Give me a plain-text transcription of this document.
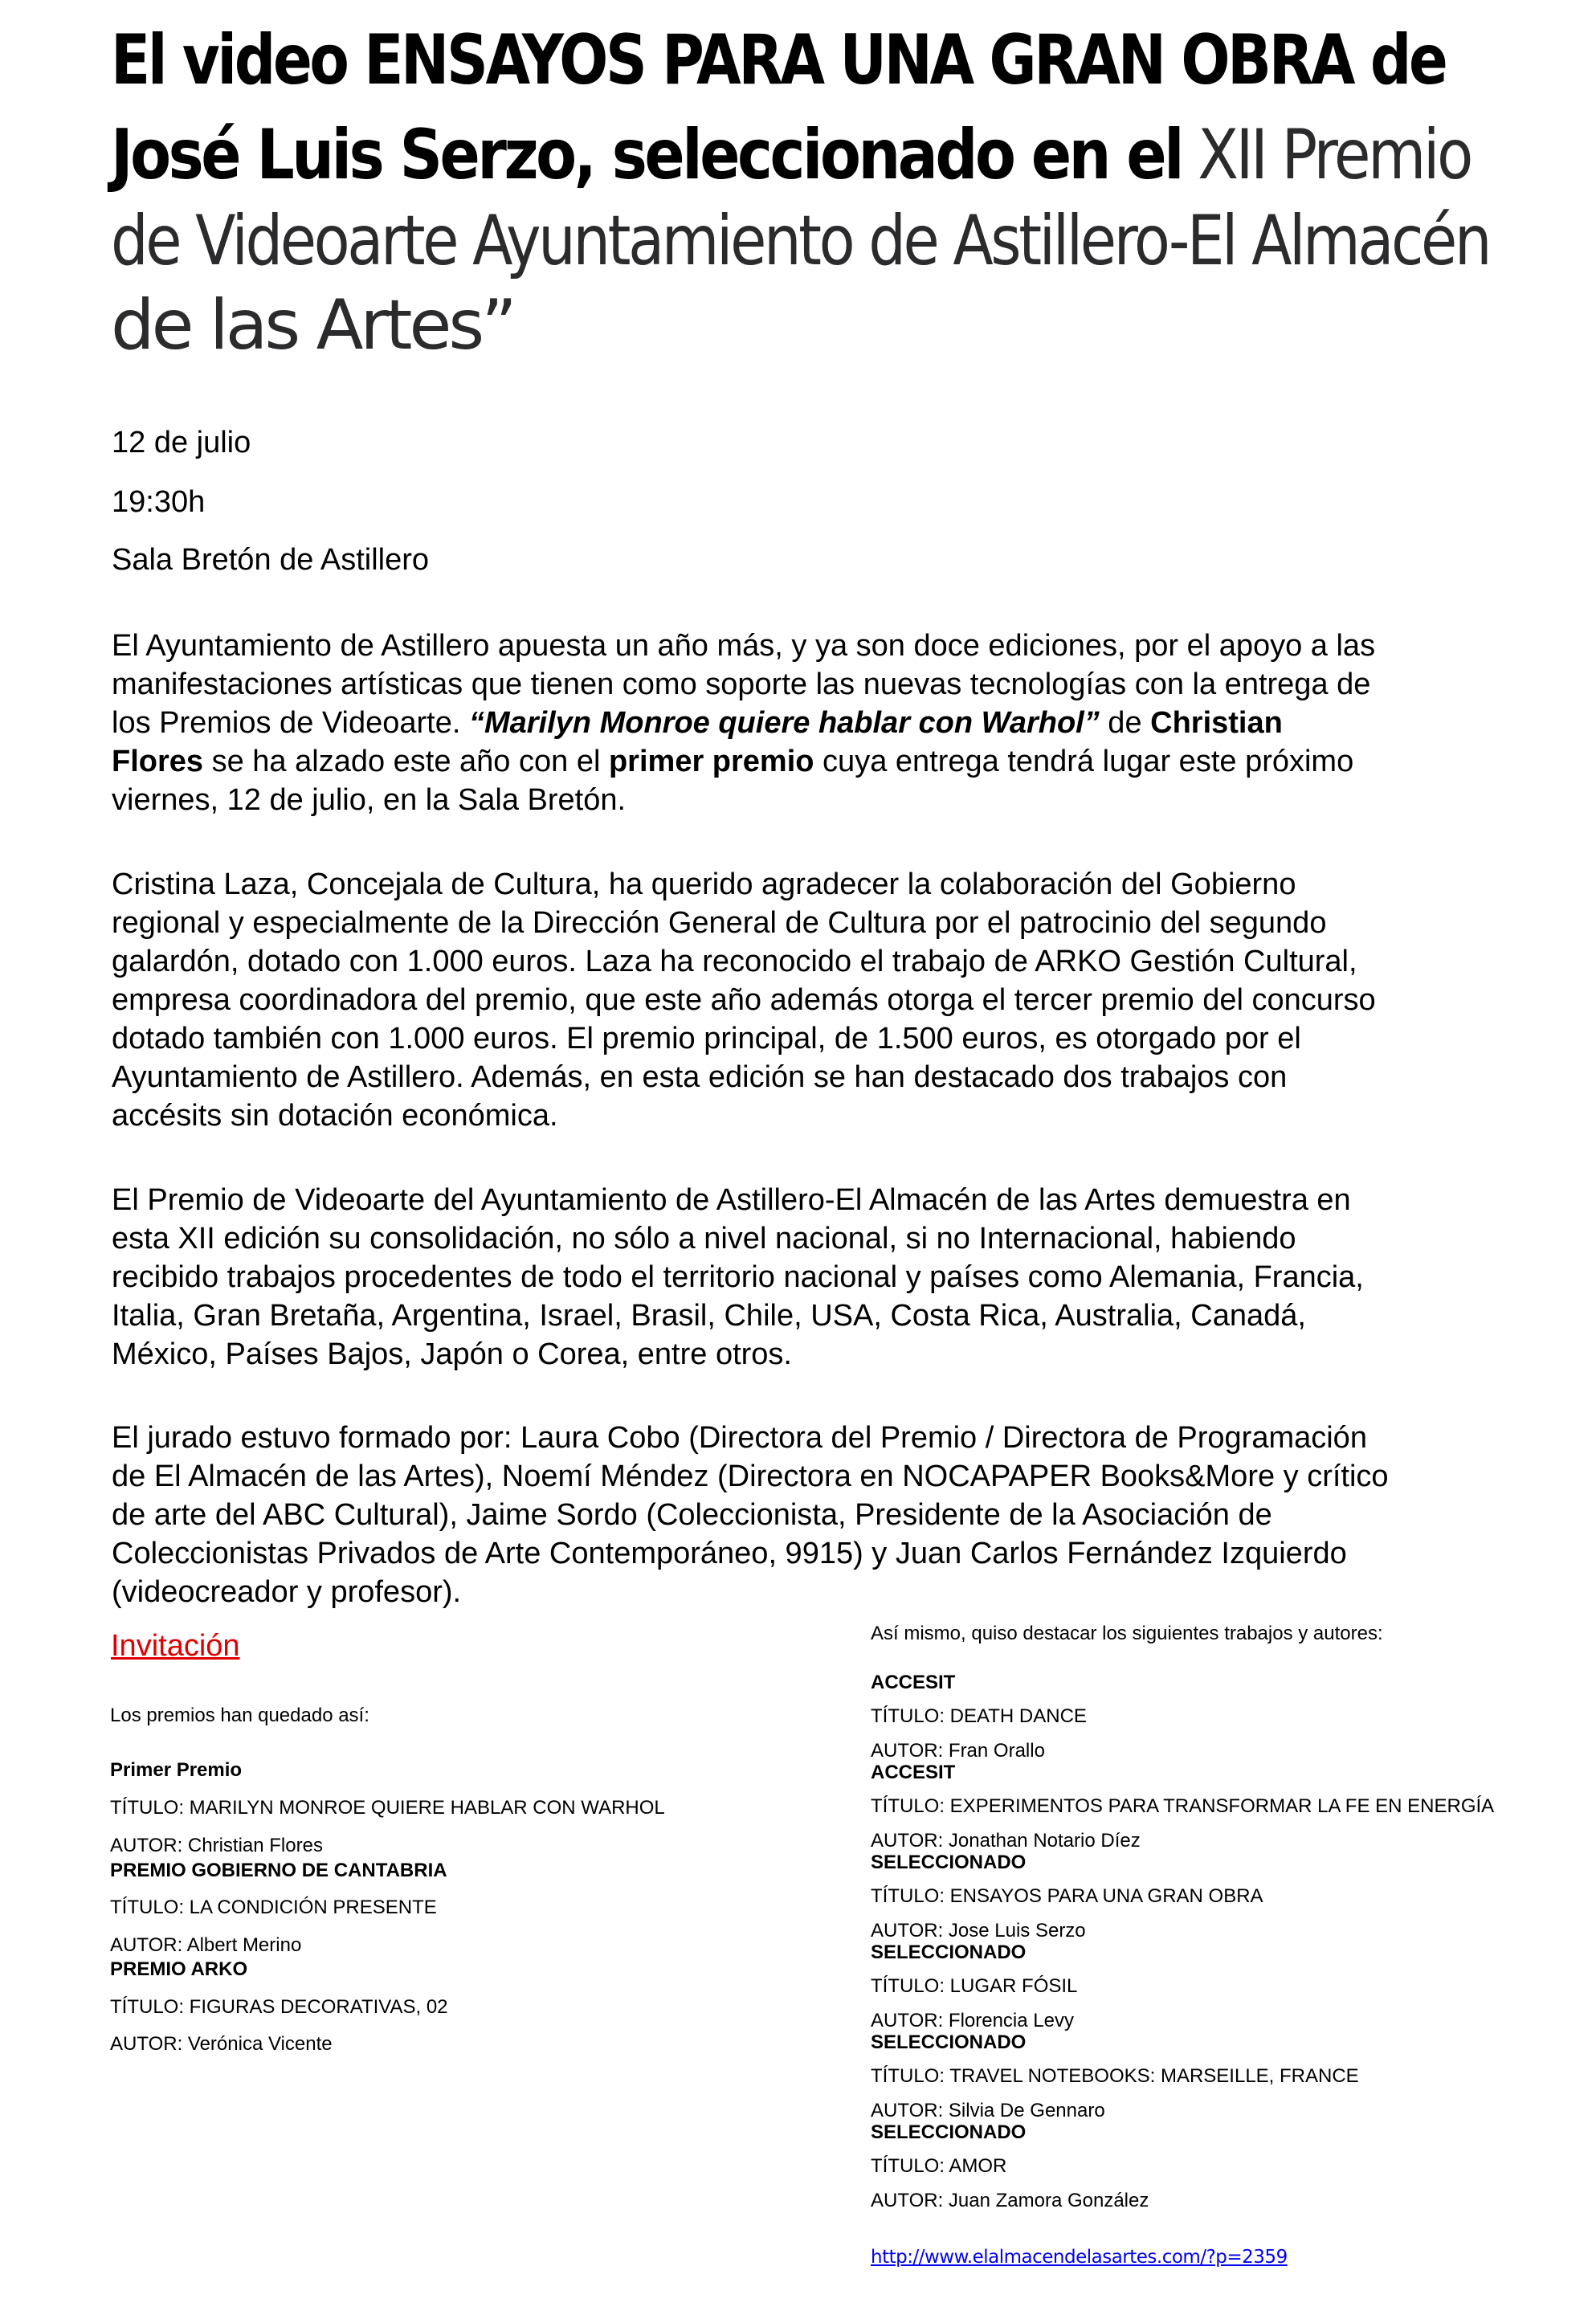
El video ENSAYOS PARA UNA GRAN OBRA de
José Luis Serzo, seleccionado en el XII Premio
de Videoarte Ayuntamiento de Astillero-El Almacén
de las Artes”

12 de julio

19:30h

Sala Bretón de Astillero

El Ayuntamiento de Astillero apuesta un año más, y ya son doce ediciones, por el apoyo a las
manifestaciones artísticas que tienen como soporte las nuevas tecnologías con la entrega de
los Premios de Videoarte. “Marilyn Monroe quiere hablar con Warhol” de Christian
Flores se ha alzado este año con el primer premio cuya entrega tendrá lugar este próximo
viernes, 12 de julio, en la Sala Bretón.
Cristina Laza, Concejala de Cultura, ha querido agradecer la colaboración del Gobierno
regional y especialmente de la Dirección General de Cultura por el patrocinio del segundo
galardón, dotado con 1.000 euros. Laza ha reconocido el trabajo de ARKO Gestión Cultural,
empresa coordinadora del premio, que este año además otorga el tercer premio del concurso
dotado también con 1.000 euros. El premio principal, de 1.500 euros, es otorgado por el
Ayuntamiento de Astillero. Además, en esta edición se han destacado dos trabajos con
accésits sin dotación económica.
El Premio de Videoarte del Ayuntamiento de Astillero-El Almacén de las Artes demuestra en
esta XII edición su consolidación, no sólo a nivel nacional, si no Internacional, habiendo
recibido trabajos procedentes de todo el territorio nacional y países como Alemania, Francia,
Italia, Gran Bretaña, Argentina, Israel, Brasil, Chile, USA, Costa Rica, Australia, Canadá,
México, Países Bajos, Japón o Corea, entre otros.
El jurado estuvo formado por: Laura Cobo (Directora del Premio / Directora de Programación
de El Almacén de las Artes), Noemí Méndez (Directora en NOCAPAPER Books&More y crítico
de arte del ABC Cultural), Jaime Sordo (Coleccionista, Presidente de la Asociación de
Coleccionistas Privados de Arte Contemporáneo, 9915) y Juan Carlos Fernández Izquierdo
(videocreador y profesor).
Invitación

Los premios han quedado así:

Primer Premio

TÍTULO: MARILYN MONROE QUIERE HABLAR CON WARHOL

AUTOR: Christian Flores

PREMIO GOBIERNO DE CANTABRIA

TÍTULO: LA CONDICIÓN PRESENTE

AUTOR: Albert Merino

PREMIO ARKO

TÍTULO: FIGURAS DECORATIVAS, 02

AUTOR: Verónica Vicente

Así mismo, quiso destacar los siguientes trabajos y autores:

ACCESIT

TÍTULO: DEATH DANCE

AUTOR: Fran Orallo

ACCESIT

TÍTULO: EXPERIMENTOS PARA TRANSFORMAR LA FE EN ENERGÍA

AUTOR: Jonathan Notario Díez

SELECCIONADO

TÍTULO: ENSAYOS PARA UNA GRAN OBRA

AUTOR: Jose Luis Serzo

SELECCIONADO

TÍTULO: LUGAR FÓSIL

AUTOR: Florencia Levy

SELECCIONADO

TÍTULO: TRAVEL NOTEBOOKS: MARSEILLE, FRANCE

AUTOR: Silvia De Gennaro

SELECCIONADO

TÍTULO: AMOR

AUTOR: Juan Zamora González

http://www.elalmacendelasartes.com/?p=2359
